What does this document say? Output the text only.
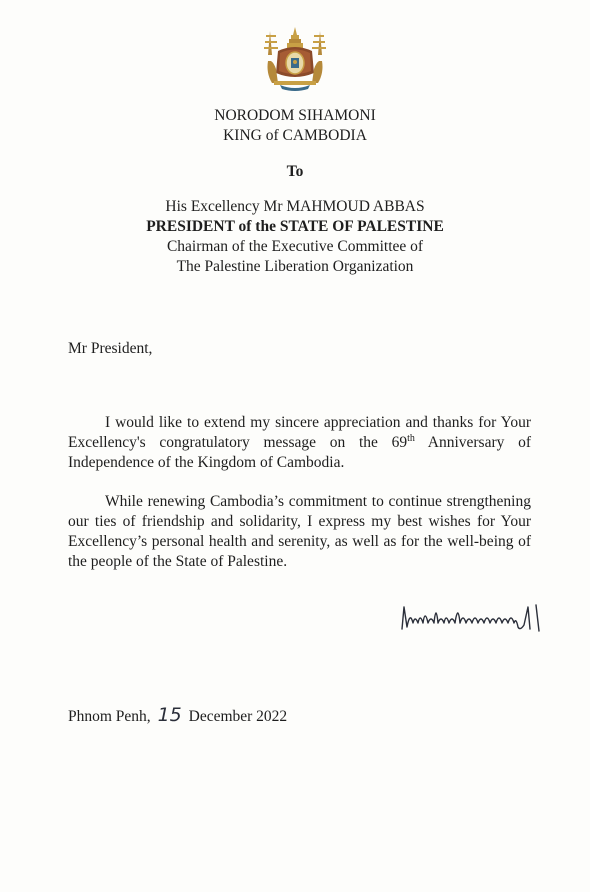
NORODOM SIHAMONI
KING of CAMBODIA
To
His Excellency Mr MAHMOUD ABBAS
PRESIDENT of the STATE OF PALESTINE
Chairman of the Executive Committee of
The Palestine Liberation Organization
Mr President,
I would like to extend my sincere appreciation and thanks for Your Excellency's congratulatory message on the 69th Anniversary of Independence of the Kingdom of Cambodia.
While renewing Cambodia’s commitment to continue strengthening our ties of friendship and solidarity, I express my best wishes for Your Excellency’s personal health and serenity, as well as for the well-being of the people of the State of Palestine.
Phnom Penh, 15 December 2022
